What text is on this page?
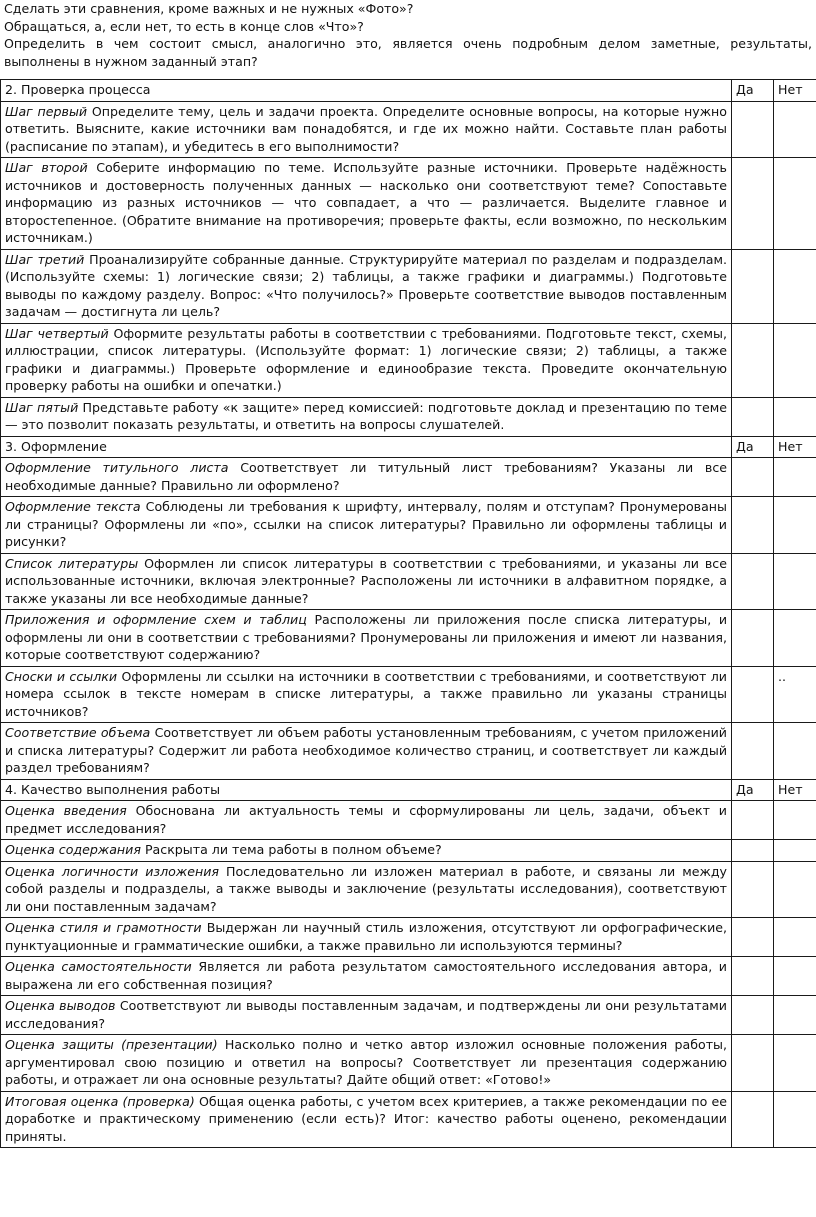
Сделать эти сравнения, кроме важных и не нужных «Фото»?

Обращаться, а, если нет, то есть в конце слов «Что»?

Определить в чем состоит смысл, аналогично это, является очень подробным делом заметные, результаты, выполнены в нужном заданный этап?

2. Проверка процесса	Да	Нет
Шаг первый Определите тему, цель и задачи проекта. Определите основные вопросы, на которые нужно ответить. Выясните, какие источники вам понадобятся, и где их можно найти. Составьте план работы (расписание по этапам), и убедитесь в его выполнимости?		
Шаг второй Соберите информацию по теме. Используйте разные источники. Проверьте надёжность источников и достоверность полученных данных — насколько они соответствуют теме? Сопоставьте информацию из разных источников — что совпадает, а что — различается. Выделите главное и второстепенное. (Обратите внимание на противоречия; проверьте факты, если возможно, по нескольким источникам.)		
Шаг третий Проанализируйте собранные данные. Структурируйте материал по разделам и подразделам. (Используйте схемы: 1) логические связи; 2) таблицы, а также графики и диаграммы.) Подготовьте выводы по каждому разделу. Вопрос: «Что получилось?» Проверьте соответствие выводов поставленным задачам — достигнута ли цель?		
Шаг четвертый Оформите результаты работы в соответствии с требованиями. Подготовьте текст, схемы, иллюстрации, список литературы. (Используйте формат: 1) логические связи; 2) таблицы, а также графики и диаграммы.) Проверьте оформление и единообразие текста. Проведите окончательную проверку работы на ошибки и опечатки.)		
Шаг пятый Представьте работу «к защите» перед комиссией: подготовьте доклад и презентацию по теме — это позволит показать результаты, и ответить на вопросы слушателей.		
3. Оформление	Да	Нет
Оформление титульного листа Соответствует ли титульный лист требованиям? Указаны ли все необходимые данные? Правильно ли оформлено?		
Оформление текста Соблюдены ли требования к шрифту, интервалу, полям и отступам? Пронумерованы ли страницы? Оформлены ли «по», ссылки на список литературы? Правильно ли оформлены таблицы и рисунки?		
Список литературы Оформлен ли список литературы в соответствии с требованиями, и указаны ли все использованные источники, включая электронные? Расположены ли источники в алфавитном порядке, а также указаны ли все необходимые данные?		
Приложения и оформление схем и таблиц Расположены ли приложения после списка литературы, и оформлены ли они в соответствии с требованиями? Пронумерованы ли приложения и имеют ли названия, которые соответствуют содержанию?		
Сноски и ссылки Оформлены ли ссылки на источники в соответствии с требованиями, и соответствуют ли номера ссылок в тексте номерам в списке литературы, а также правильно ли указаны страницы источников?		..
Соответствие объема Соответствует ли объем работы установленным требованиям, с учетом приложений и списка литературы? Содержит ли работа необходимое количество страниц, и соответствует ли каждый раздел требованиям?		
4. Качество выполнения работы	Да	Нет
Оценка введения Обоснована ли актуальность темы и сформулированы ли цель, задачи, объект и предмет исследования?		
Оценка содержания Раскрыта ли тема работы в полном объеме?		
Оценка логичности изложения Последовательно ли изложен материал в работе, и связаны ли между собой разделы и подразделы, а также выводы и заключение (результаты исследования), соответствуют ли они поставленным задачам?		
Оценка стиля и грамотности Выдержан ли научный стиль изложения, отсутствуют ли орфографические, пунктуационные и грамматические ошибки, а также правильно ли используются термины?		
Оценка самостоятельности Является ли работа результатом самостоятельного исследования автора, и выражена ли его собственная позиция?		
Оценка выводов Соответствуют ли выводы поставленным задачам, и подтверждены ли они результатами исследования?		
Оценка защиты (презентации) Насколько полно и четко автор изложил основные положения работы, аргументировал свою позицию и ответил на вопросы? Соответствует ли презентация содержанию работы, и отражает ли она основные результаты? Дайте общий ответ: «Готово!»		
Итоговая оценка (проверка) Общая оценка работы, с учетом всех критериев, а также рекомендации по ее доработке и практическому применению (если есть)? Итог: качество работы оценено, рекомендации приняты.		
